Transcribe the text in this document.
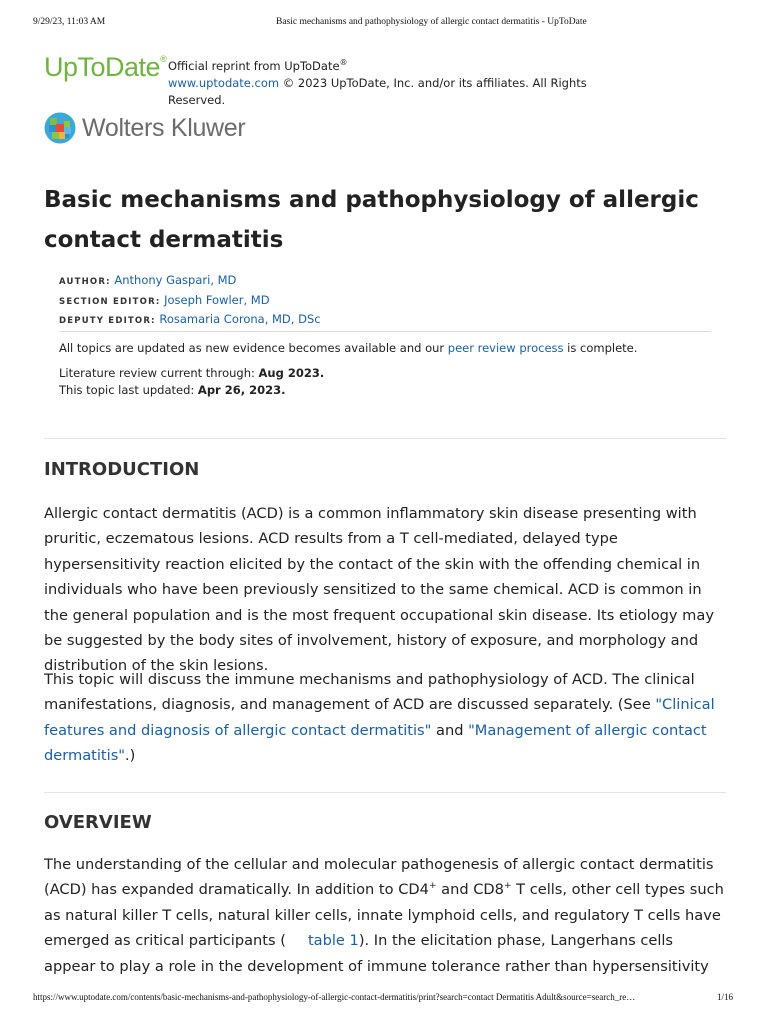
9/29/23, 11:03 AM	Basic mechanisms and pathophysiology of allergic contact dermatitis - UpToDate
UpToDate® Official reprint from UpToDate®
www.uptodate.com © 2023 UpToDate, Inc. and/or its affiliates. All Rights Reserved.
Wolters Kluwer
Basic mechanisms and pathophysiology of allergic contact dermatitis
AUTHOR: Anthony Gaspari, MD
SECTION EDITOR: Joseph Fowler, MD
DEPUTY EDITOR: Rosamaria Corona, MD, DSc

All topics are updated as new evidence becomes available and our peer review process is complete.

Literature review current through: Aug 2023.

This topic last updated: Apr 26, 2023.

INTRODUCTION

Allergic contact dermatitis (ACD) is a common inflammatory skin disease presenting with pruritic, eczematous lesions. ACD results from a T cell-mediated, delayed type hypersensitivity reaction elicited by the contact of the skin with the offending chemical in individuals who have been previously sensitized to the same chemical. ACD is common in the general population and is the most frequent occupational skin disease. Its etiology may be suggested by the body sites of involvement, history of exposure, and morphology and distribution of the skin lesions.

This topic will discuss the immune mechanisms and pathophysiology of ACD. The clinical manifestations, diagnosis, and management of ACD are discussed separately. (See "Clinical features and diagnosis of allergic contact dermatitis" and "Management of allergic contact dermatitis".)

OVERVIEW

The understanding of the cellular and molecular pathogenesis of allergic contact dermatitis (ACD) has expanded dramatically. In addition to CD4+ and CD8+ T cells, other cell types such as natural killer T cells, natural killer cells, innate lymphoid cells, and regulatory T cells have emerged as critical participants ( table 1). In the elicitation phase, Langerhans cells appear to play a role in the development of immune tolerance rather than hypersensitivity

https://www.uptodate.com/contents/basic-mechanisms-and-pathophysiology-of-allergic-contact-dermatitis/print?search=contact Dermatitis Adult&source=search_re…	1/16
